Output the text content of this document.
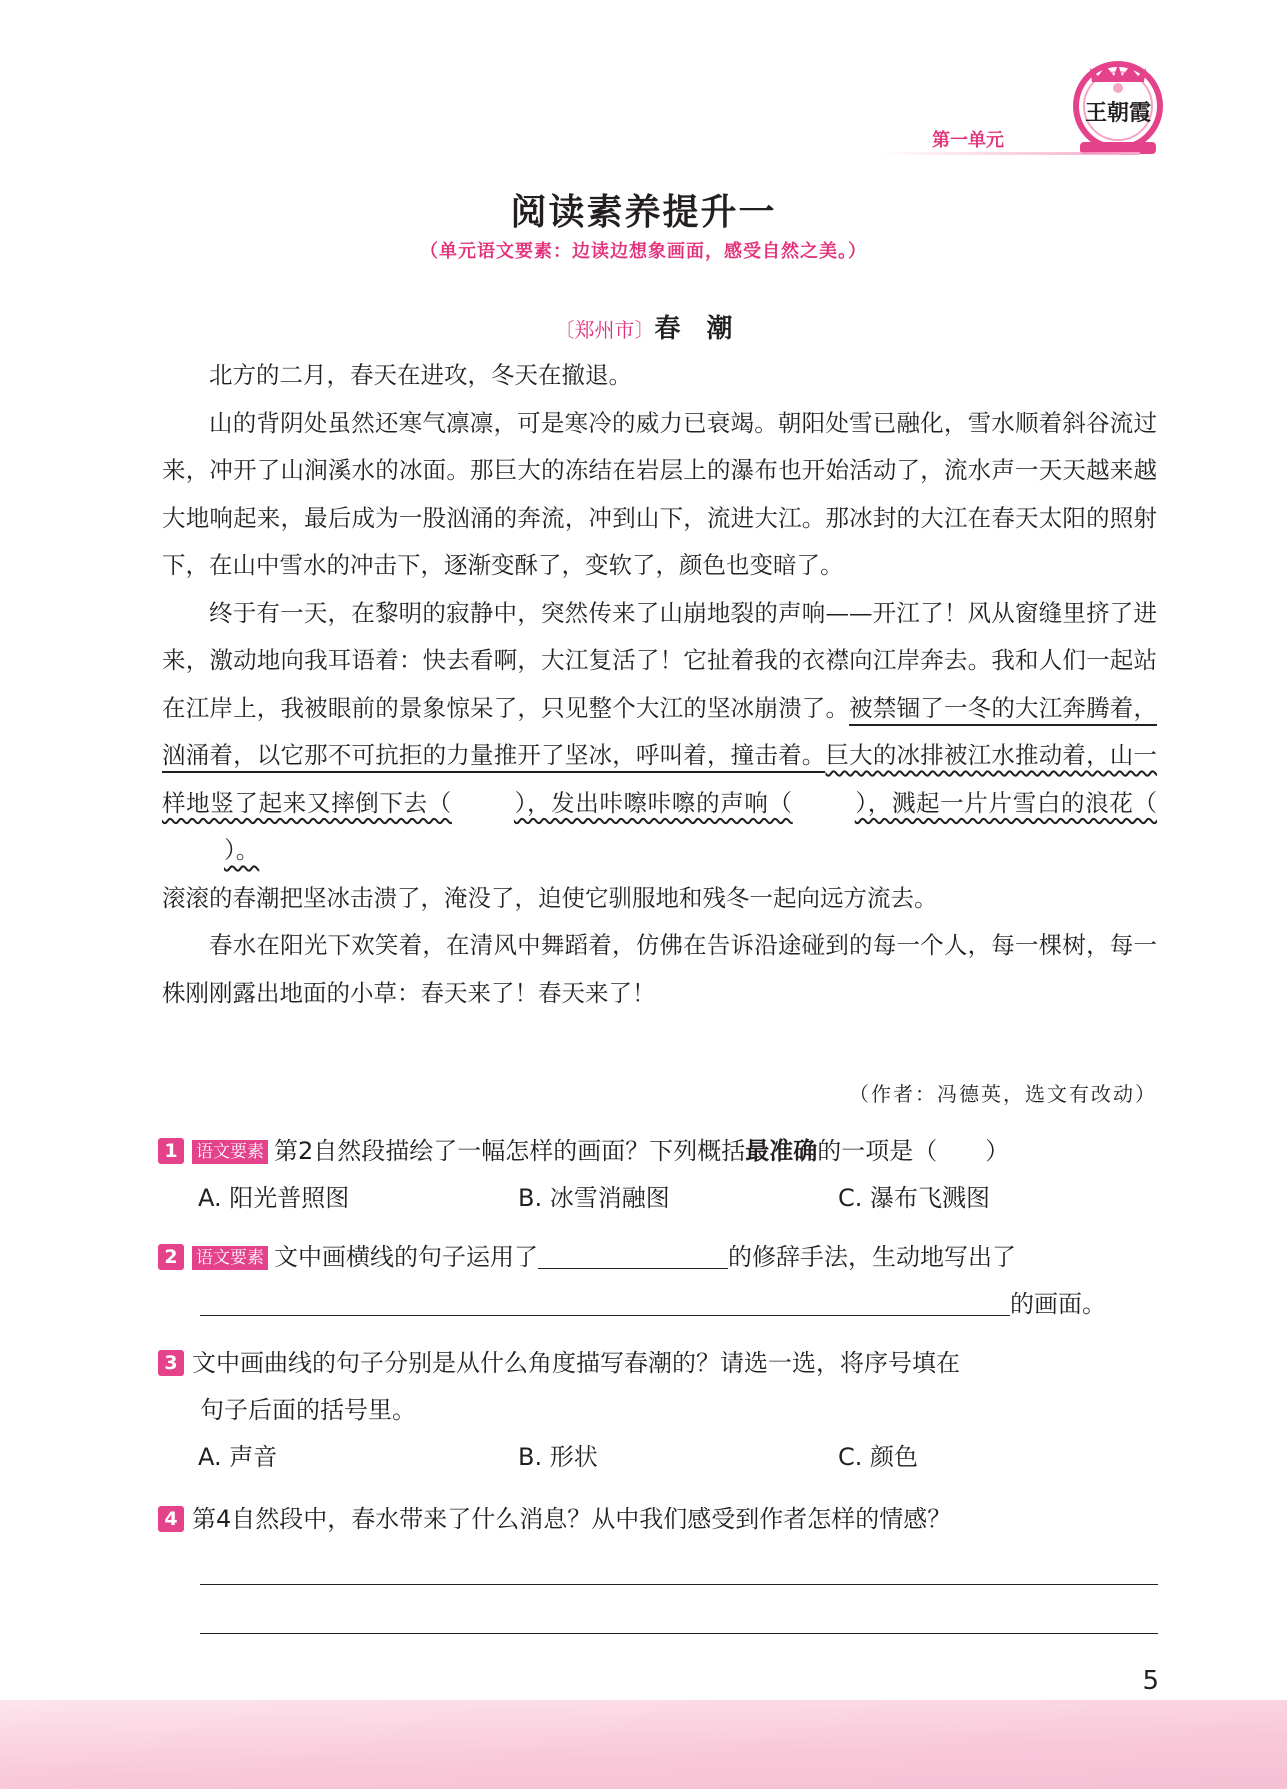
王朝霞
第一单元
阅读素养提升一
（单元语文要素：边读边想象画面，感受自然之美。）
〔郑州市〕春　潮

北方的二月，春天在进攻，冬天在撤退。

山的背阴处虽然还寒气凛凛，可是寒冷的威力已衰竭。朝阳处雪已融化，雪水顺着斜谷流过来，冲开了山涧溪水的冰面。那巨大的冻结在岩层上的瀑布也开始活动了，流水声一天天越来越大地响起来，最后成为一股汹涌的奔流，冲到山下，流进大江。那冰封的大江在春天太阳的照射下，在山中雪水的冲击下，逐渐变酥了，变软了，颜色也变暗了。

终于有一天，在黎明的寂静中，突然传来了山崩地裂的声响——开江了！风从窗缝里挤了进来，激动地向我耳语着：快去看啊，大江复活了！它扯着我的衣襟向江岸奔去。我和人们一起站在江岸上，我被眼前的景象惊呆了，只见整个大江的坚冰崩溃了。被禁锢了一冬的大江奔腾着，汹涌着，以它那不可抗拒的力量推开了坚冰，呼叫着，撞击着。巨大的冰排被江水推动着，山一样地竖了起来又摔倒下去（	），发出咔嚓咔嚓的声响（	），溅起一片片雪白的浪花（）。
滚滚的春潮把坚冰击溃了，淹没了，迫使它驯服地和残冬一起向远方流去。

春水在阳光下欢笑着，在清风中舞蹈着，仿佛在告诉沿途碰到的每一个人，每一棵树，每一株刚刚露出地面的小草：春天来了！春天来了！

（作者：冯德英，选文有改动）
1 语文要素 第2自然段描绘了一幅怎样的画面？下列概括最准确的一项是（　　）
A. 阳光普照图	B. 冰雪消融图	C. 瀑布飞溅图
2 语文要素 文中画横线的句子运用了	的修辞手法，生动地写出了
的画面。
3 文中画曲线的句子分别是从什么角度描写春潮的？请选一选，将序号填在
句子后面的括号里。
A. 声音	B. 形状	C. 颜色
4 第4自然段中，春水带来了什么消息？从中我们感受到作者怎样的情感？
5
